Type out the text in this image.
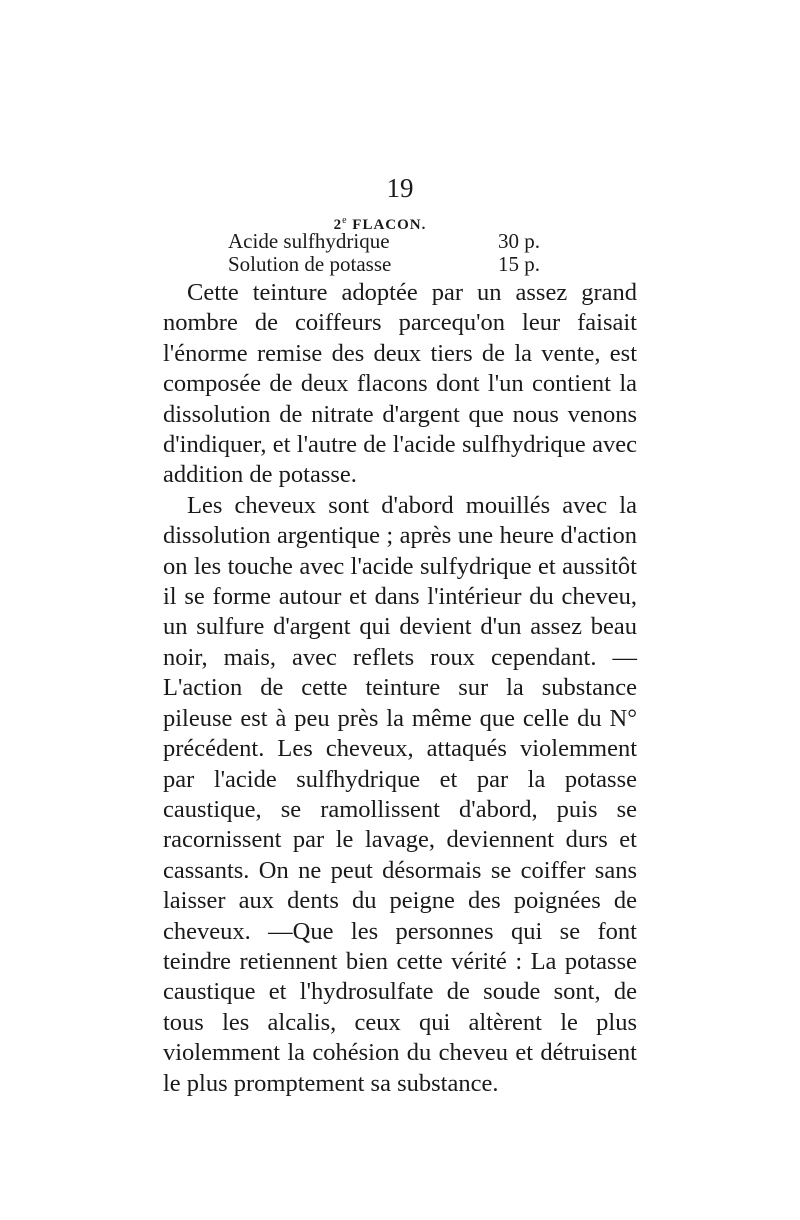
19
2e FLACON.
Acide sulfhydrique	30 p.
Solution de potasse	15 p.

Cette teinture adoptée par un assez grand nombre de coiffeurs parcequ'on leur faisait l'énorme remise des deux tiers de la vente, est composée de deux flacons dont l'un contient la dissolution de nitrate d'argent que nous venons d'indiquer, et l'autre de l'acide sulfhydrique avec addition de potasse.

Les cheveux sont d'abord mouillés avec la dissolution argentique ; après une heure d'action on les touche avec l'acide sulfydrique et aussitôt il se forme autour et dans l'intérieur du cheveu, un sulfure d'argent qui devient d'un assez beau noir, mais, avec reflets roux cependant. — L'action de cette teinture sur la substance pileuse est à peu près la même que celle du N° précédent. Les cheveux, attaqués violemment par l'acide sulfhydrique et par la potasse caustique, se ramollissent d'abord, puis se racornissent par le lavage, deviennent durs et cassants. On ne peut désormais se coiffer sans laisser aux dents du peigne des poignées de cheveux. —Que les personnes qui se font teindre retiennent bien cette vérité : La potasse caustique et l'hydrosulfate de soude sont, de tous les alcalis, ceux qui altèrent le plus violemment la cohésion du cheveu et détruisent le plus promptement sa substance.
